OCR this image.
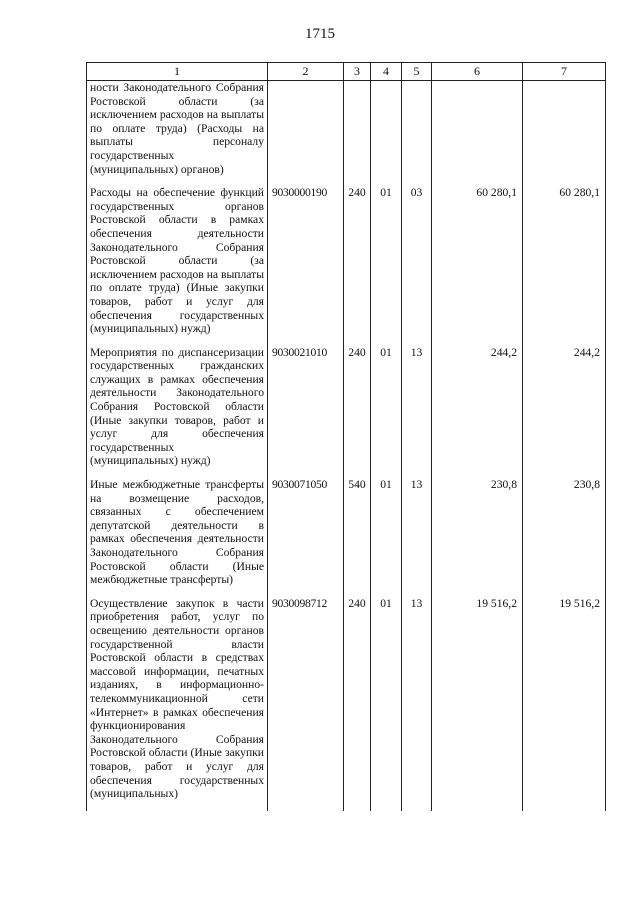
1715
1	2	3	4	5	6	7
ности Законодательного Собрания Ростовской области (за исключением расходов на выплаты по оплате труда) (Расходы на выплаты персоналу государственных (муниципальных) органов)						
Расходы на обеспечение функций государственных органов Ростовской области в рамках обеспечения деятельности Законодательного Собрания Ростовской области (за исключением расходов на выплаты по оплате труда) (Иные закупки товаров, работ и услуг для обеспечения государственных (муниципальных) нужд)	9030000190	240	01	03	60 280,1	60 280,1
Мероприятия по диспансеризации государственных гражданских служащих в рамках обеспечения деятельности Законодательного Собрания Ростовской области (Иные закупки товаров, работ и услуг для обеспечения государственных (муниципальных) нужд)	9030021010	240	01	13	244,2	244,2
Иные межбюджетные трансферты на возмещение расходов, связанных с обеспечением депутатской деятельности в рамках обеспечения деятельности Законодательного Собрания Ростовской области (Иные межбюджетные трансферты)	9030071050	540	01	13	230,8	230,8
Осуществление закупок в части приобретения работ, услуг по освещению деятельности органов государственной власти Ростовской области в средствах массовой информации, печатных изданиях, в информационно-телекоммуникационной сети «Интернет» в рамках обеспечения функционирования Законодательного Собрания Ростовской области (Иные закупки товаров, работ и услуг для обеспечения государственных (муниципальных)	9030098712	240	01	13	19 516,2	19 516,2
